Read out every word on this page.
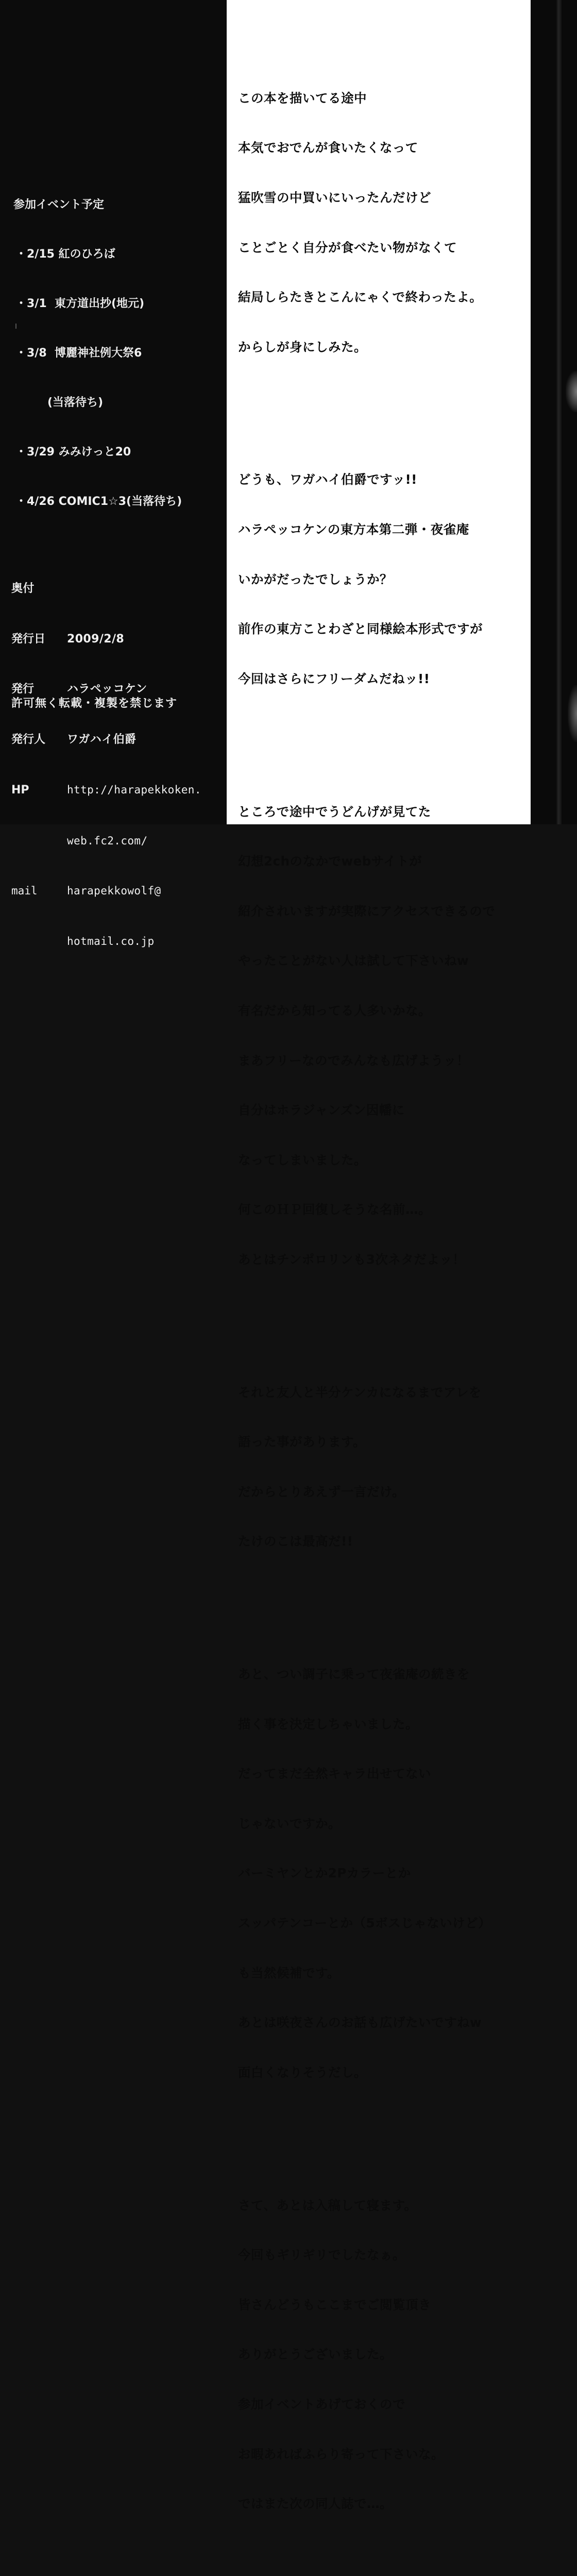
この本を描いてる途中

本気でおでんが食いたくなって

猛吹雪の中買いにいったんだけど

ことごとく自分が食べたい物がなくて

結局しらたきとこんにゃくで終わったよ。

からしが身にしみた。

どうも、ワガハイ伯爵ですッ!!

ハラペッコケンの東方本第二弾・夜雀庵

いかがだったでしょうか？

前作の東方ことわざと同様絵本形式ですが

今回はさらにフリーダムだねッ!!

ところで途中でうどんげが見てた

幻想2chのなかでwebサイトが

紹介されいますが実際にアクセスできるので

やったことがない人は試して下さいねw

有名だから知ってる人多いかな。

まあフリーなのでみんなも広げようッ！

自分はホラジャンズン因幡に

なってしまいました。

何このＨＰ回復しそうな名前…。

あとはチンポロリンも3次ネタだよッ！

それと友人と半分ケンカになるまでアレを

語った事があります。

だからとりあえず一言だけ。

たけのこは最高だ!!

あと、つい調子に乗って夜雀庵の続きを

描く事を決定しちゃいました。

だってまだ全然キャラ出せてない

じゃないですか。

バーミヤンとか2Pカラーとか

スッパテンコーとか（5ボスじゃないけど）

も当然候補です。

あとは咲夜さんのお話も広げたいですねw

面白くなりそうだし。

さて、あとは入稿して寝ます。

今回もギリギリでしたなぁ。

皆さんどうもここまでご閲覧頂き

ありがとうございました。

参加イベントあげておくので

お暇あればふらり寄って下さいな。

ではまた次の同人誌で…。

参加イベント予定

・2/15 紅のひろば

・3/1  東方道出抄(地元)

・3/8  博麗神社例大祭6

(当落待ち)

・3/29 みみけっと20

・4/26 COMIC1☆3(当落待ち)

奥付

発行日	2009/2/8

発行	ハラペッコケン

発行人	ワガハイ伯爵

HP	http://harapekkoken.

web.fc2.com/

mail	harapekkowolf@

hotmail.co.jp

許可無く転載・複製を禁じます
